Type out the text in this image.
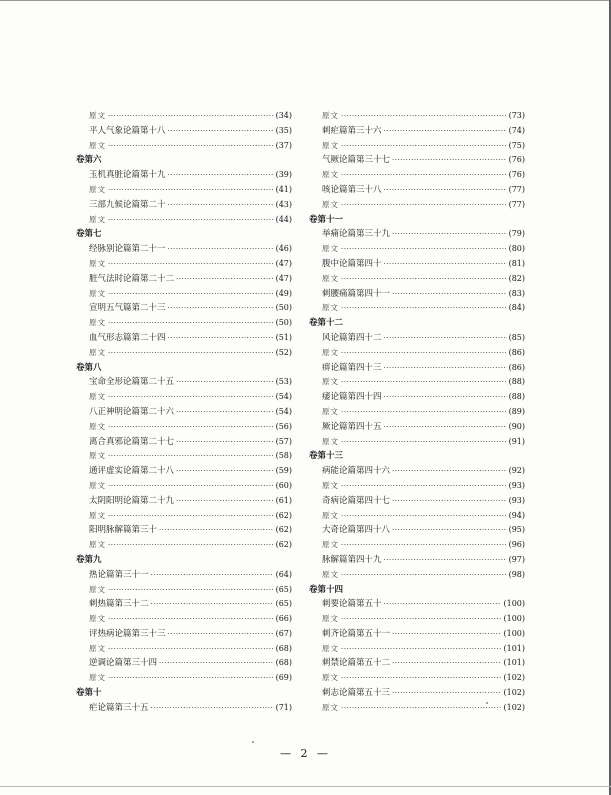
原文 ·····	(34)
平人气象论篇第十八 ·····	(35)
原文 ·····	(37)
卷第六
玉机真脏论篇第十九 ·····	(39)
原文 ·····	(41)
三部九候论篇第二十 ·····	(43)
原文 ·····	(44)
卷第七
经脉别论篇第二十一 ·····	(46)
原文 ·····	(47)
脏气法时论篇第二十二 ·····	(47)
原文 ·····	(49)
宣明五气篇第二十三 ·····	(50)
原文 ·····	(50)
血气形志篇第二十四 ·····	(51)
原文 ·····	(52)
卷第八
宝命全形论篇第二十五 ·····	(53)
原文 ·····	(54)
八正神明论篇第二十六 ·····	(54)
原文 ·····	(56)
离合真邪论篇第二十七 ·····	(57)
原文 ·····	(58)
通评虚实论篇第二十八 ·····	(59)
原文 ·····	(60)
太阴阳明论篇第二十九 ·····	(61)
原文 ·····	(62)
阳明脉解篇第三十 ·····	(62)
原文 ·····	(62)
卷第九
热论篇第三十一 ·····	(64)
原文 ·····	(65)
刺热篇第三十二 ·····	(65)
原文 ·····	(66)
评热病论篇第三十三 ·····	(67)
原文 ·····	(68)
逆调论篇第三十四 ·····	(68)
原文 ·····	(69)
卷第十
疟论篇第三十五 ·····	(71)
原文 ·····	(73)
刺疟篇第三十六 ·····	(74)
原文 ·····	(75)
气厥论篇第三十七 ·····	(76)
原文 ·····	(76)
咳论篇第三十八 ·····	(77)
原文 ·····	(77)
卷第十一
举痛论篇第三十九 ·····	(79)
原文 ·····	(80)
腹中论篇第四十 ·····	(81)
原文 ·····	(82)
刺腰痛篇第四十一 ·····	(83)
原文 ·····	(84)
卷第十二
风论篇第四十二 ·····	(85)
原文 ·····	(86)
痹论篇第四十三 ·····	(86)
原文 ·····	(88)
痿论篇第四十四 ·····	(88)
原文 ·····	(89)
厥论篇第四十五 ·····	(90)
原文 ·····	(91)
卷第十三
病能论篇第四十六 ·····	(92)
原文 ·····	(93)
奇病论篇第四十七 ·····	(93)
原文 ·····	(94)
大奇论篇第四十八 ·····	(95)
原文 ·····	(96)
脉解篇第四十九 ·····	(97)
原文 ·····	(98)
卷第十四
刺要论篇第五十 ·····	(100)
原文 ·····	(100)
刺齐论篇第五十一 ·····	(100)
原文 ·····	(101)
刺禁论篇第五十二 ·····	(101)
原文 ·····	(102)
刺志论篇第五十三 ·····	(102)
原文 ·····	(102)
— 2 —
